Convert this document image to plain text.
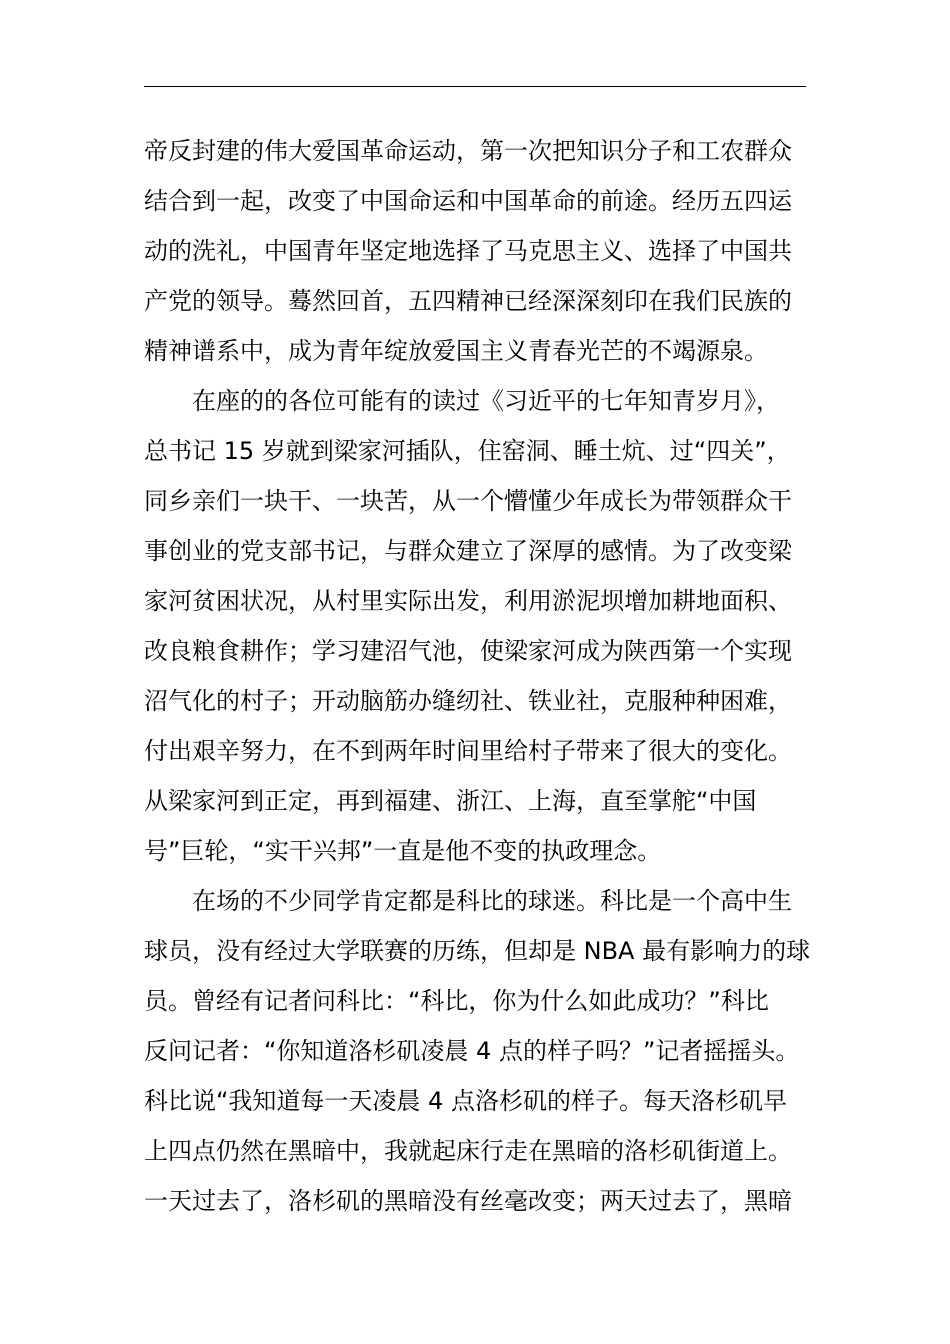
帝反封建的伟大爱国革命运动，第一次把知识分子和工农群众
结合到一起，改变了中国命运和中国革命的前途。经历五四运
动的洗礼，中国青年坚定地选择了马克思主义、选择了中国共
产党的领导。蓦然回首，五四精神已经深深刻印在我们民族的
精神谱系中，成为青年绽放爱国主义青春光芒的不竭源泉。
在座的的各位可能有的读过《习近平的七年知青岁月》，
总书记 15 岁就到梁家河插队，住窑洞、睡土炕、过“四关”，
同乡亲们一块干、一块苦，从一个懵懂少年成长为带领群众干
事创业的党支部书记，与群众建立了深厚的感情。为了改变梁
家河贫困状况，从村里实际出发，利用淤泥坝增加耕地面积、
改良粮食耕作；学习建沼气池，使梁家河成为陕西第一个实现
沼气化的村子；开动脑筋办缝纫社、铁业社，克服种种困难，
付出艰辛努力，在不到两年时间里给村子带来了很大的变化。
从梁家河到正定，再到福建、浙江、上海，直至掌舵“中国
号”巨轮，“实干兴邦”一直是他不变的执政理念。
在场的不少同学肯定都是科比的球迷。科比是一个高中生
球员，没有经过大学联赛的历练，但却是 NBA 最有影响力的球
员。曾经有记者问科比：“科比，你为什么如此成功？”科比
反问记者：“你知道洛杉矶凌晨 4 点的样子吗？”记者摇摇头。
科比说“我知道每一天凌晨 4 点洛杉矶的样子。每天洛杉矶早
上四点仍然在黑暗中，我就起床行走在黑暗的洛杉矶街道上。
一天过去了，洛杉矶的黑暗没有丝毫改变；两天过去了，黑暗
